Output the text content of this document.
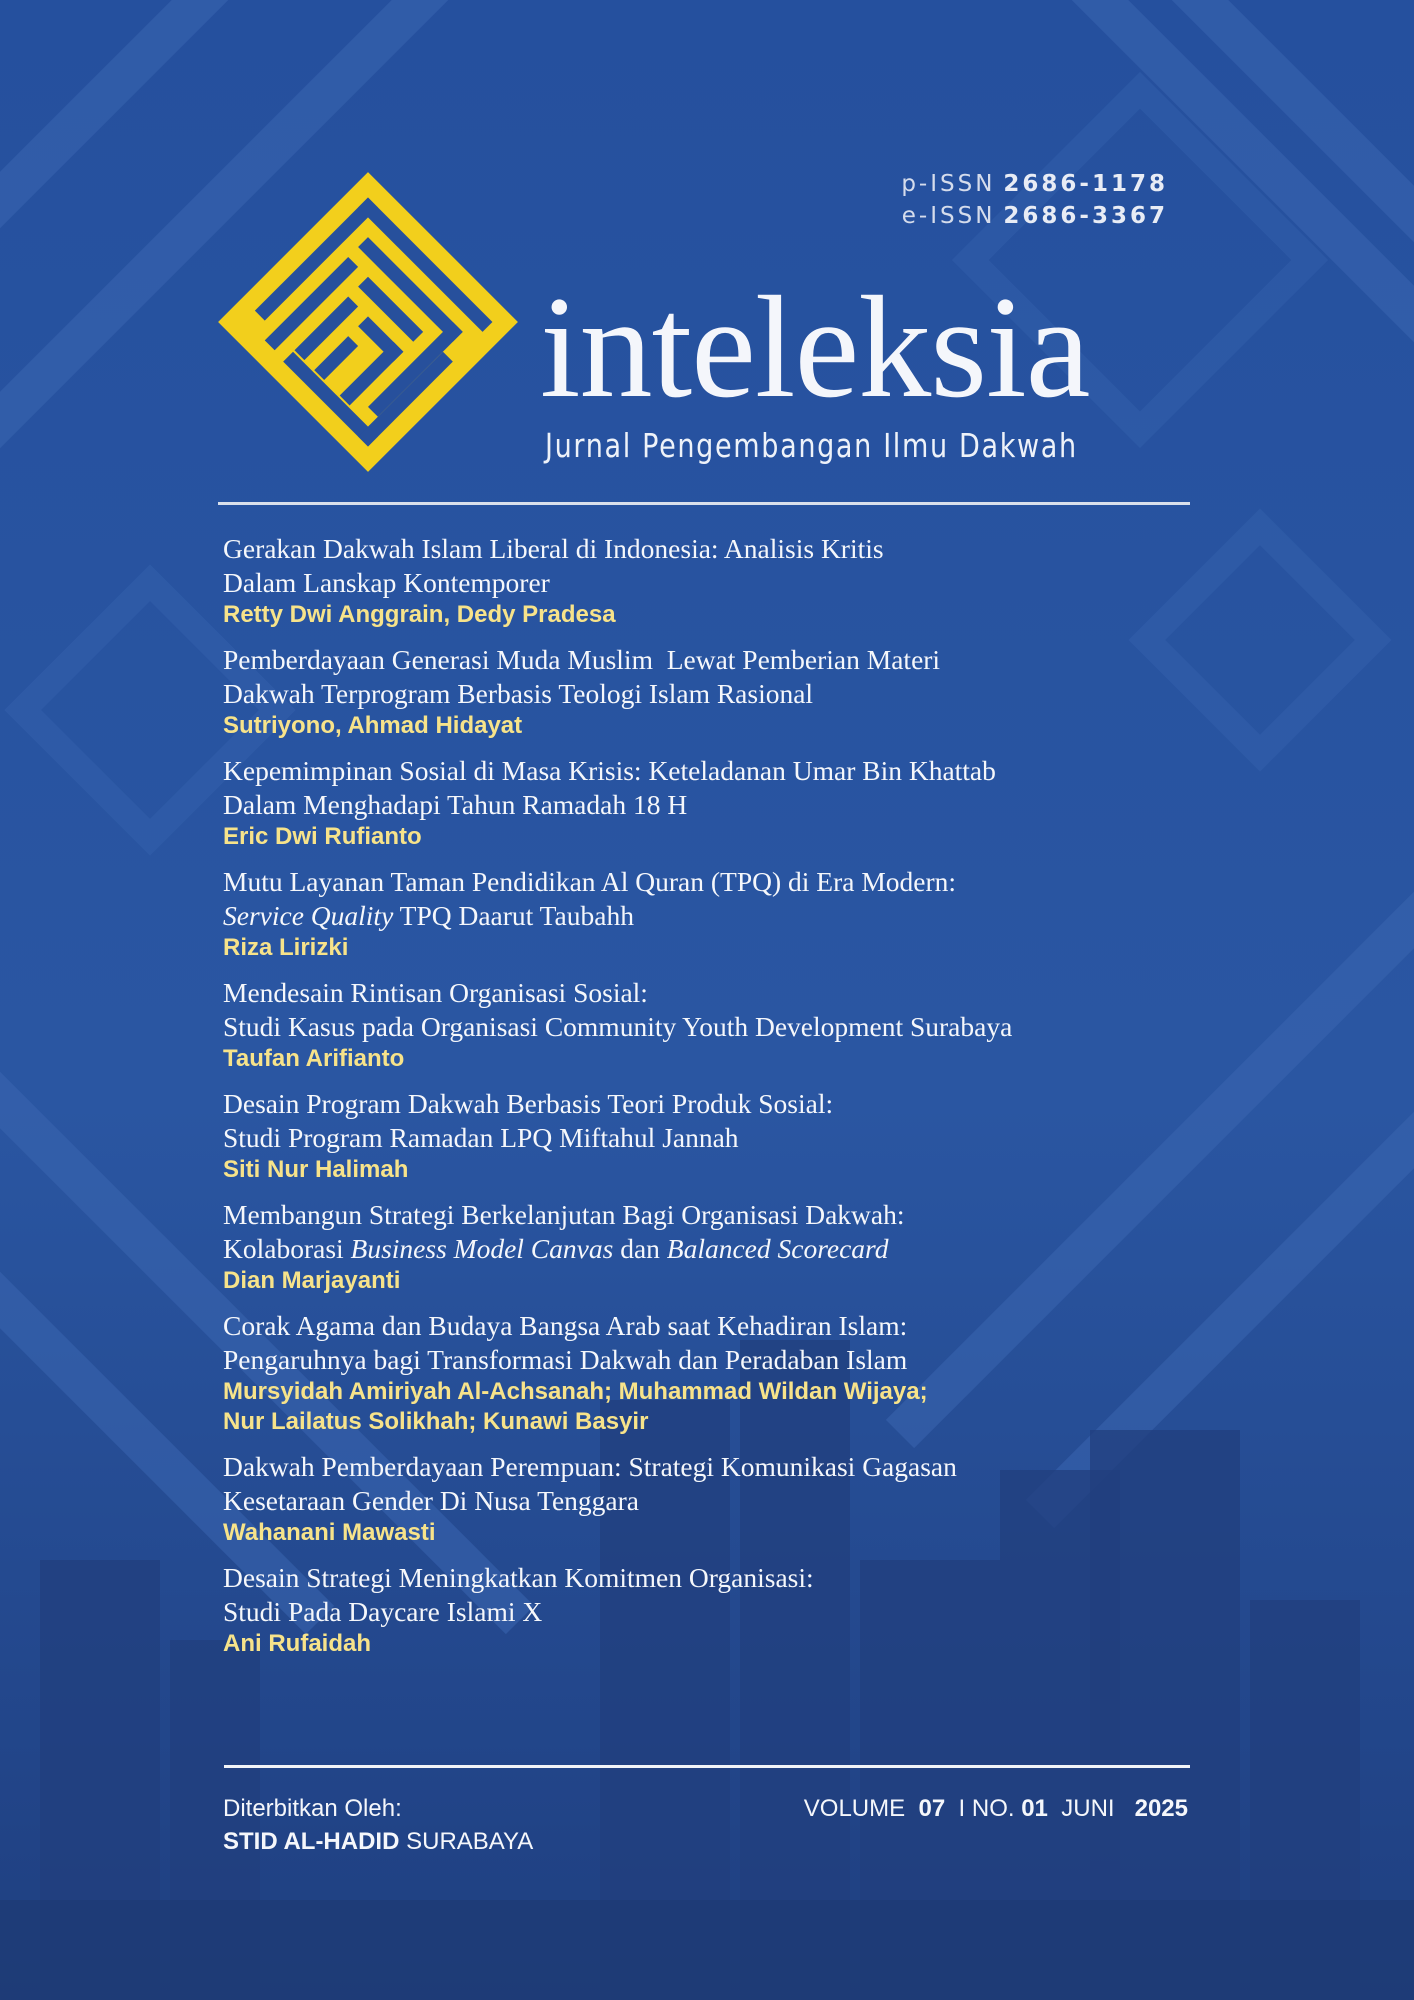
p-ISSN 2686-1178
e-ISSN 2686-3367
inteleksia
Jurnal Pengembangan Ilmu Dakwah
Gerakan Dakwah Islam Liberal di Indonesia: Analisis Kritis
Dalam Lanskap Kontemporer
Retty Dwi Anggrain, Dedy Pradesa
Pemberdayaan Generasi Muda Muslim  Lewat Pemberian Materi
Dakwah Terprogram Berbasis Teologi Islam Rasional
Sutriyono, Ahmad Hidayat
Kepemimpinan Sosial di Masa Krisis: Keteladanan Umar Bin Khattab
Dalam Menghadapi Tahun Ramadah 18 H
Eric Dwi Rufianto
Mutu Layanan Taman Pendidikan Al Quran (TPQ) di Era Modern:
Service Quality TPQ Daarut Taubahh
Riza Lirizki
Mendesain Rintisan Organisasi Sosial:
Studi Kasus pada Organisasi Community Youth Development Surabaya
Taufan Arifianto
Desain Program Dakwah Berbasis Teori Produk Sosial:
Studi Program Ramadan LPQ Miftahul Jannah
Siti Nur Halimah
Membangun Strategi Berkelanjutan Bagi Organisasi Dakwah:
Kolaborasi Business Model Canvas dan Balanced Scorecard
Dian Marjayanti
Corak Agama dan Budaya Bangsa Arab saat Kehadiran Islam:
Pengaruhnya bagi Transformasi Dakwah dan Peradaban Islam
Mursyidah Amiriyah Al-Achsanah; Muhammad Wildan Wijaya;
Nur Lailatus Solikhah; Kunawi Basyir
Dakwah Pemberdayaan Perempuan: Strategi Komunikasi Gagasan
Kesetaraan Gender Di Nusa Tenggara
Wahanani Mawasti
Desain Strategi Meningkatkan Komitmen Organisasi:
Studi Pada Daycare Islami X
Ani Rufaidah
Diterbitkan Oleh:
STID AL-HADID SURABAYA
VOLUME 07 I NO. 01 JUNI 2025
